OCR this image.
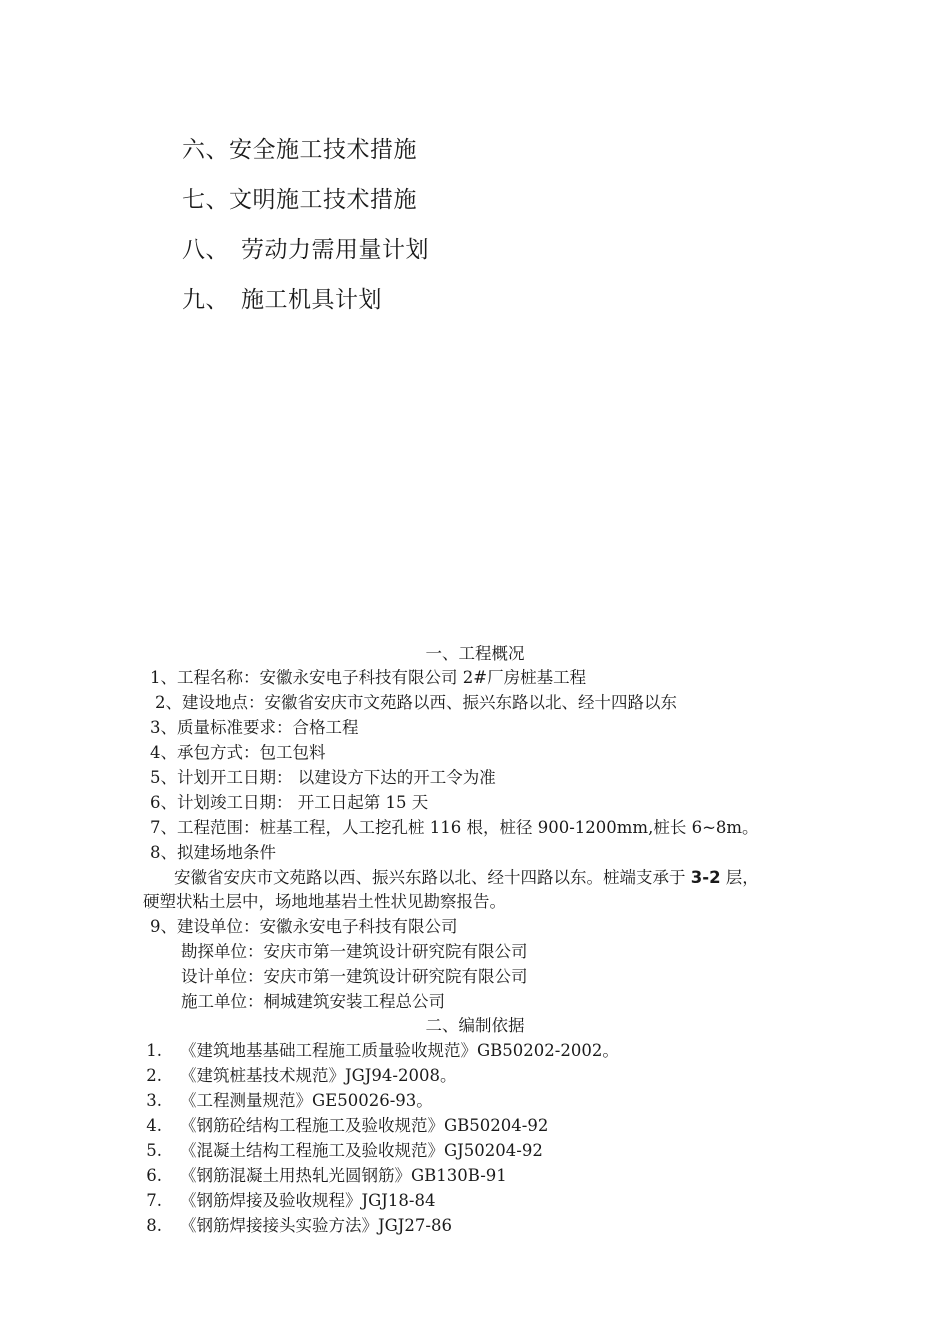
六、安全施工技术措施
七、文明施工技术措施
八、 劳动力需用量计划
九、 施工机具计划
一、工程概况
1、工程名称：安徽永安电子科技有限公司 2#厂房桩基工程
2、建设地点：安徽省安庆市文苑路以西、振兴东路以北、经十四路以东
3、质量标准要求：合格工程
4、承包方式：包工包料
5、计划开工日期： 以建设方下达的开工令为准
6、计划竣工日期： 开工日起第 15 天
7、工程范围：桩基工程，人工挖孔桩 116 根，桩径 900-1200mm,桩长 6~8m。
8、拟建场地条件
安徽省安庆市文苑路以西、振兴东路以北、经十四路以东。桩端支承于 3-2 层，
硬塑状粘土层中，场地地基岩土性状见勘察报告。
9、建设单位：安徽永安电子科技有限公司
勘探单位：安庆市第一建筑设计研究院有限公司
设计单位：安庆市第一建筑设计研究院有限公司
施工单位：桐城建筑安装工程总公司
二、编制依据
1. 《建筑地基基础工程施工质量验收规范》GB50202-2002。
2. 《建筑桩基技术规范》JGJ94-2008。
3. 《工程测量规范》GE50026-93。
4. 《钢筋砼结构工程施工及验收规范》GB50204-92
5. 《混凝土结构工程施工及验收规范》GJ50204-92
6. 《钢筋混凝土用热轧光圆钢筋》GB130B-91
7. 《钢筋焊接及验收规程》JGJ18-84
8. 《钢筋焊接接头实验方法》JGJ27-86
